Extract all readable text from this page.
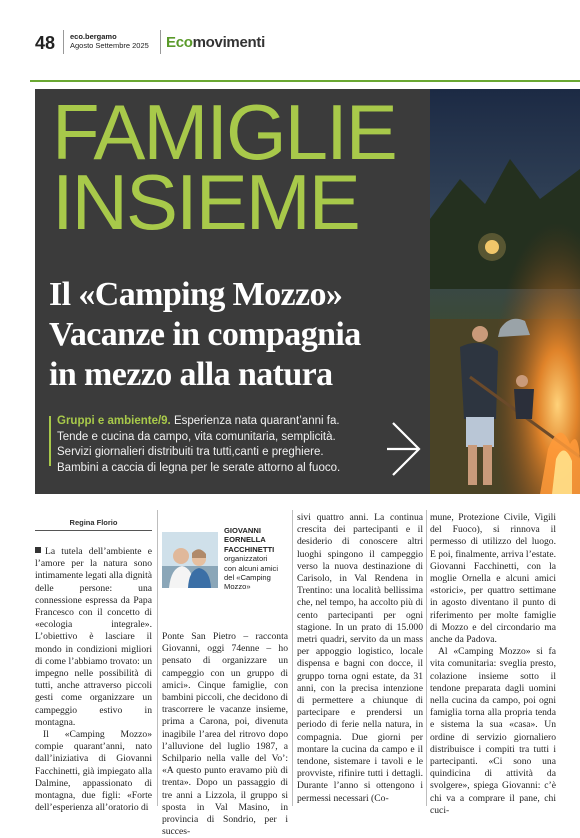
48 eco.bergamo
Agosto Settembre 2025 Ecomovimenti
FAMIGLIE
INSIEME
Il «Camping Mozzo»
Vacanze in compagnia
in mezzo alla natura
Gruppi e ambiente/9. Esperienza nata quarant’anni fa.
Tende e cucina da campo, vita comunitaria, semplicità.
Servizi giornalieri distribuiti tra tutti,canti e preghiere.
Bambini a caccia di legna per le serate attorno al fuoco.
Regina Florio

La tutela dell’ambiente e l’amore per la natura sono intimamente legati alla dignità delle persone: una connessione espressa da Papa Francesco con il concetto di «ecologia integrale». L’obiettivo è lasciare il mondo in condizioni migliori di come l’abbiamo trovato: un impegno nelle possibilità di tutti, anche attraverso piccoli gesti come organizzare un campeggio estivo in montagna.

Il «Camping Mozzo» compie quarant’anni, nato dall’iniziativa di Giovanni Facchinetti, già impiegato alla Dalmine, appassionato di montagna, due figli: «Forte dell’esperienza all’oratorio di

GIOVANNI
EORNELLA
FACCHINETTI
organizzatori
con alcuni amici
del «Camping
Mozzo»

Ponte San Pietro – racconta Giovanni, oggi 74enne – ho pensato di organizzare un campeggio con un gruppo di amici». Cinque famiglie, con bambini piccoli, che decidono di trascorrere le vacanze insieme, prima a Carona, poi, divenuta inagibile l’area del ritrovo dopo l’alluvione del luglio 1987, a Schilpario nella valle del Vo’: «A questo punto eravamo più di trenta». Dopo un passaggio di tre anni a Lizzola, il gruppo si sposta in Val Masino, in provincia di Sondrio, per i succes-

sivi quattro anni. La continua crescita dei partecipanti e il desiderio di conoscere altri luoghi spingono il campeggio verso la nuova destinazione di Carisolo, in Val Rendena in Trentino: una località bellissima che, nel tempo, ha accolto più di cento partecipanti per ogni stagione. In un prato di 15.000 metri quadri, servito da un mass per appoggio logistico, locale dispensa e bagni con docce, il gruppo torna ogni estate, da 31 anni, con la precisa intenzione di permettere a chiunque di partecipare e prendersi un periodo di ferie nella natura, in compagnia. Due giorni per montare la cucina da campo e il tendone, sistemare i tavoli e le provviste, rifinire tutti i dettagli. Durante l’anno si ottengono i permessi necessari (Co-

mune, Protezione Civile, Vigili del Fuoco), si rinnova il permesso di utilizzo del luogo. E poi, finalmente, arriva l’estate. Giovanni Facchinetti, con la moglie Ornella e alcuni amici «storici», per quattro settimane in agosto diventano il punto di riferimento per molte famiglie di Mozzo e del circondario ma anche da Padova.

Al «Camping Mozzo» si fa vita comunitaria: sveglia presto, colazione insieme sotto il tendone preparata dagli uomini nella cucina da campo, poi ogni famiglia torna alla propria tenda e sistema la sua «casa». Un ordine di servizio giornaliero distribuisce i compiti tra tutti i partecipanti. «Ci sono una quindicina di attività da svolgere», spiega Giovanni: c’è chi va a comprare il pane, chi cuci-
